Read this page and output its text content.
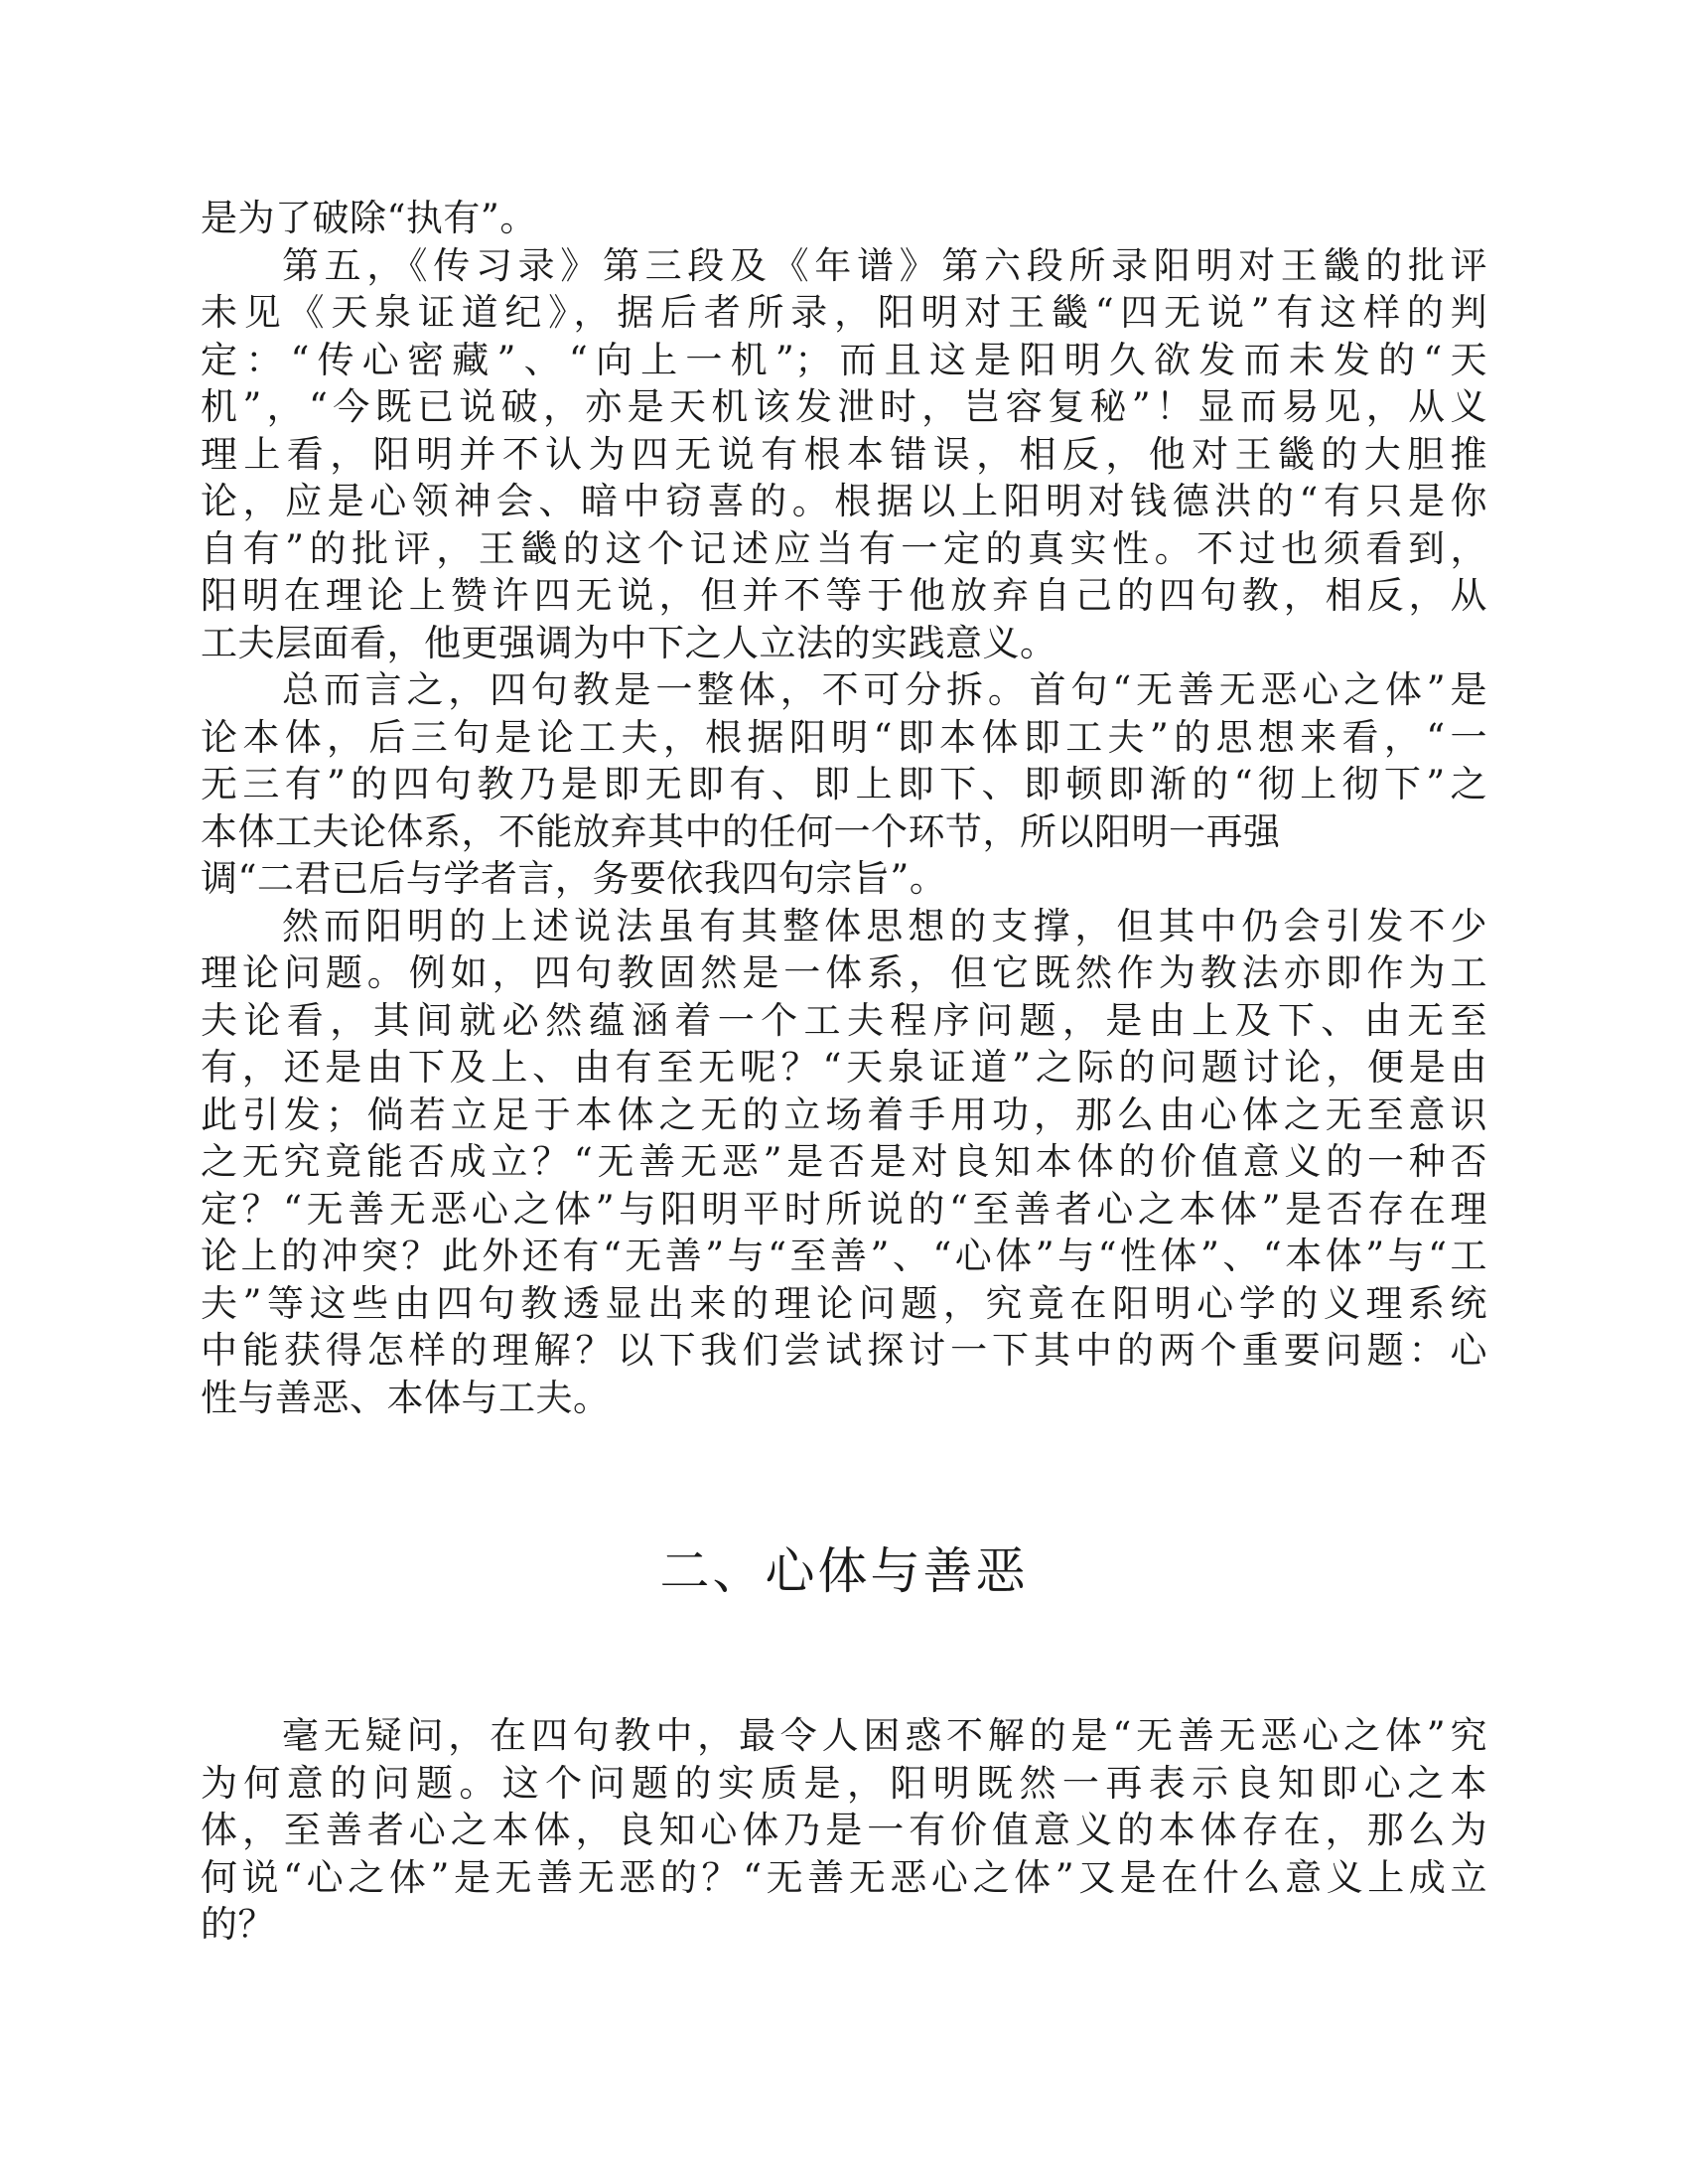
是为了破除“执有”。
第五，《传习录》第三段及《年谱》第六段所录阳明对王畿的批评
未见《天泉证道纪》，据后者所录，阳明对王畿“四无说”有这样的判
定：“传心密藏”、“向上一机”；而且这是阳明久欲发而未发的“天
机”，“今既已说破，亦是天机该发泄时，岂容复秘”！显而易见，从义
理上看，阳明并不认为四无说有根本错误，相反，他对王畿的大胆推
论，应是心领神会、暗中窃喜的。根据以上阳明对钱德洪的“有只是你
自有”的批评，王畿的这个记述应当有一定的真实性。不过也须看到，
阳明在理论上赞许四无说，但并不等于他放弃自己的四句教，相反，从
工夫层面看，他更强调为中下之人立法的实践意义。
总而言之，四句教是一整体，不可分拆。首句“无善无恶心之体”是
论本体，后三句是论工夫，根据阳明“即本体即工夫”的思想来看，“一
无三有”的四句教乃是即无即有、即上即下、即顿即渐的“彻上彻下”之
本体工夫论体系，不能放弃其中的任何一个环节，所以阳明一再强
调“二君已后与学者言，务要依我四句宗旨”。
然而阳明的上述说法虽有其整体思想的支撑，但其中仍会引发不少
理论问题。例如，四句教固然是一体系，但它既然作为教法亦即作为工
夫论看，其间就必然蕴涵着一个工夫程序问题，是由上及下、由无至
有，还是由下及上、由有至无呢？“天泉证道”之际的问题讨论，便是由
此引发；倘若立足于本体之无的立场着手用功，那么由心体之无至意识
之无究竟能否成立？“无善无恶”是否是对良知本体的价值意义的一种否
定？“无善无恶心之体”与阳明平时所说的“至善者心之本体”是否存在理
论上的冲突？此外还有“无善”与“至善”、“心体”与“性体”、“本体”与“工
夫”等这些由四句教透显出来的理论问题，究竟在阳明心学的义理系统
中能获得怎样的理解？以下我们尝试探讨一下其中的两个重要问题：心
性与善恶、本体与工夫。
二、心体与善恶
毫无疑问，在四句教中，最令人困惑不解的是“无善无恶心之体”究
为何意的问题。这个问题的实质是，阳明既然一再表示良知即心之本
体，至善者心之本体，良知心体乃是一有价值意义的本体存在，那么为
何说“心之体”是无善无恶的？“无善无恶心之体”又是在什么意义上成立
的？
